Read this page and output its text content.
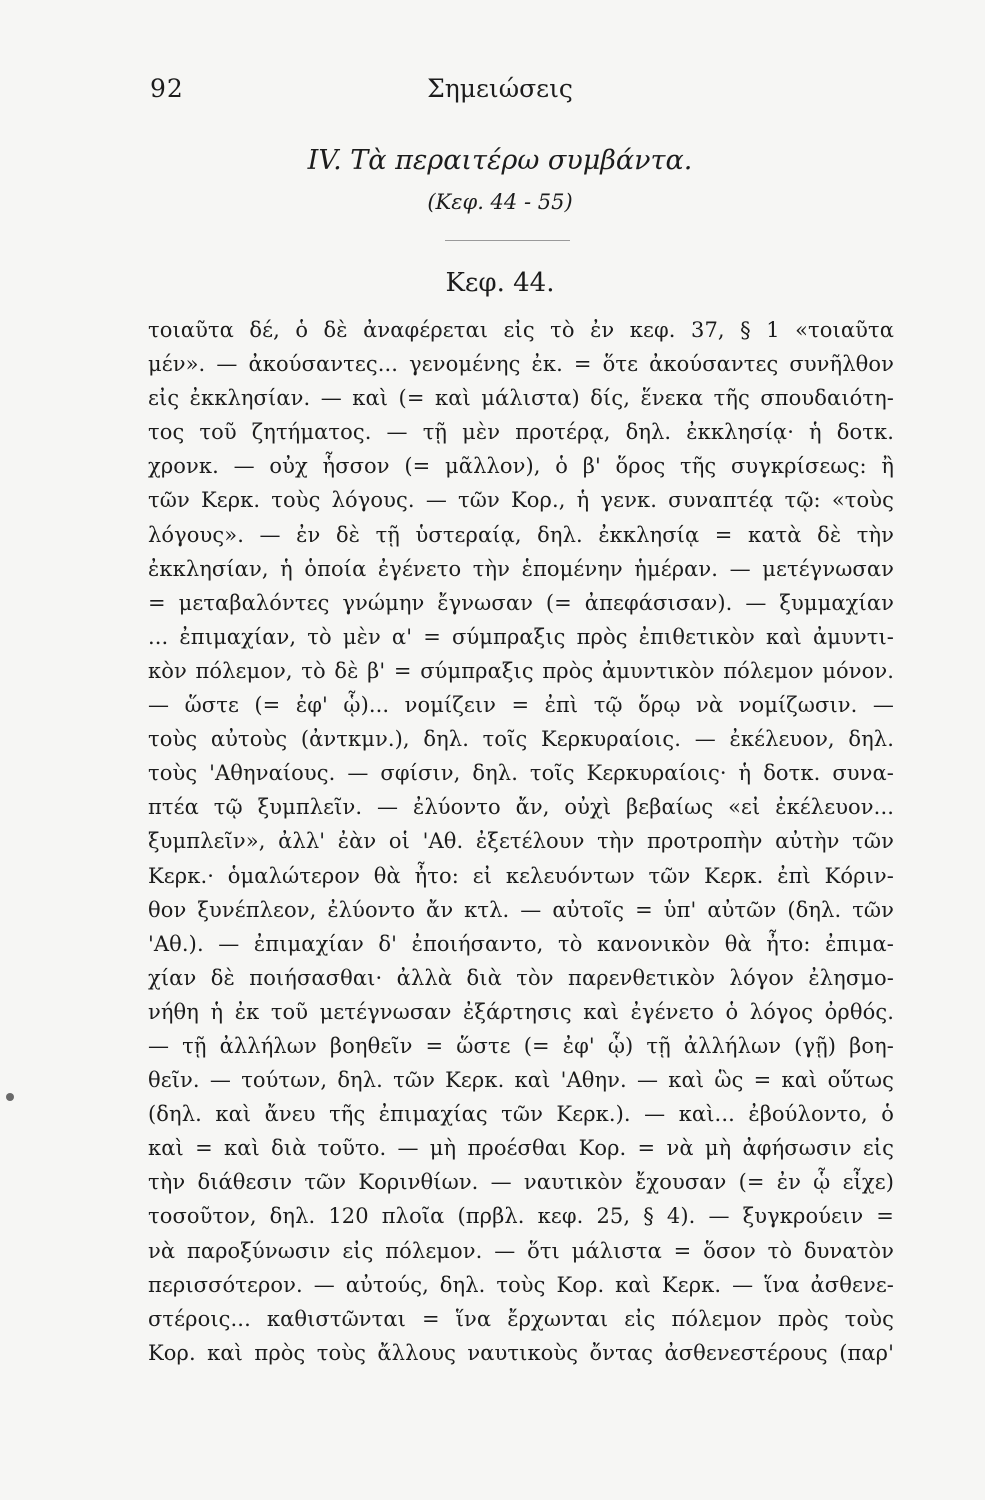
92	Σημειώσεις
IV. Τὰ περαιτέρω συμβάντα.
(Κεφ. 44 - 55)
Κεφ. 44.
τοιαῦτα δέ, ὁ δὲ ἀναφέρεται εἰς τὸ ἐν κεφ. 37, § 1 «τοιαῦτα
μέν». — ἀκούσαντες... γενομένης ἐκ. = ὅτε ἀκούσαντες συνῆλθον
εἰς ἐκκλησίαν. — καὶ (= καὶ μάλιστα) δίς, ἕνεκα τῆς σπουδαιότη-
τος τοῦ ζητήματος. — τῇ μὲν προτέρᾳ, δηλ. ἐκκλησίᾳ· ἡ δοτκ.
χρονκ. — οὐχ ἧσσον (= μᾶλλον), ὁ β' ὅρος τῆς συγκρίσεως: ἢ
τῶν Κερκ. τοὺς λόγους. — τῶν Κορ., ἡ γενκ. συναπτέᾳ τῷ: «τοὺς
λόγους». — ἐν δὲ τῇ ὑστεραίᾳ, δηλ. ἐκκλησίᾳ = κατὰ δὲ τὴν
ἐκκλησίαν, ἡ ὁποία ἐγένετο τὴν ἑπομένην ἡμέραν. — μετέγνωσαν
= μεταβαλόντες γνώμην ἔγνωσαν (= ἀπεφάσισαν). — ξυμμαχίαν
... ἐπιμαχίαν, τὸ μὲν α' = σύμπραξις πρὸς ἐπιθετικὸν καὶ ἀμυντι-
κὸν πόλεμον, τὸ δὲ β' = σύμπραξις πρὸς ἀμυντικὸν πόλεμον μόνον.
— ὥστε (= ἐφ' ᾧ)... νομίζειν = ἐπὶ τῷ ὅρῳ νὰ νομίζωσιν. —
τοὺς αὐτοὺς (ἀντκμν.), δηλ. τοῖς Κερκυραίοις. — ἐκέλευον, δηλ.
τοὺς 'Αθηναίους. — σφίσιν, δηλ. τοῖς Κερκυραίοις· ἡ δοτκ. συνα-
πτέα τῷ ξυμπλεῖν. — ἐλύοντο ἄν, οὐχὶ βεβαίως «εἰ ἐκέλευον...
ξυμπλεῖν», ἀλλ' ἐὰν οἱ 'Αθ. ἐξετέλουν τὴν προτροπὴν αὐτὴν τῶν
Κερκ.· ὁμαλώτερον θὰ ἦτο: εἰ κελευόντων τῶν Κερκ. ἐπὶ Κόριν-
θον ξυνέπλεον, ἐλύοντο ἄν κτλ. — αὐτοῖς = ὑπ' αὐτῶν (δηλ. τῶν
'Αθ.). — ἐπιμαχίαν δ' ἐποιήσαντο, τὸ κανονικὸν θὰ ἦτο: ἐπιμα-
χίαν δὲ ποιήσασθαι· ἀλλὰ διὰ τὸν παρενθετικὸν λόγον ἐλησμο-
νήθη ἡ ἐκ τοῦ μετέγνωσαν ἐξάρτησις καὶ ἐγένετο ὁ λόγος ὀρθός.
— τῇ ἀλλήλων βοηθεῖν = ὥστε (= ἐφ' ᾧ) τῇ ἀλλήλων (γῇ) βοη-
θεῖν. — τούτων, δηλ. τῶν Κερκ. καὶ 'Αθην. — καὶ ὣς = καὶ οὕτως
(δηλ. καὶ ἄνευ τῆς ἐπιμαχίας τῶν Κερκ.). — καὶ... ἐβούλοντο, ὁ
καὶ = καὶ διὰ τοῦτο. — μὴ προέσθαι Κορ. = νὰ μὴ ἀφήσωσιν εἰς
τὴν διάθεσιν τῶν Κορινθίων. — ναυτικὸν ἔχουσαν (= ἐν ᾧ εἶχε)
τοσοῦτον, δηλ. 120 πλοῖα (πρβλ. κεφ. 25, § 4). — ξυγκρούειν =
νὰ παροξύνωσιν εἰς πόλεμον. — ὅτι μάλιστα = ὅσον τὸ δυνατὸν
περισσότερον. — αὐτούς, δηλ. τοὺς Κορ. καὶ Κερκ. — ἵνα ἀσθενε-
στέροις... καθιστῶνται = ἵνα ἔρχωνται εἰς πόλεμον πρὸς τοὺς
Κορ. καὶ πρὸς τοὺς ἄλλους ναυτικοὺς ὄντας ἀσθενεστέρους (παρ'
